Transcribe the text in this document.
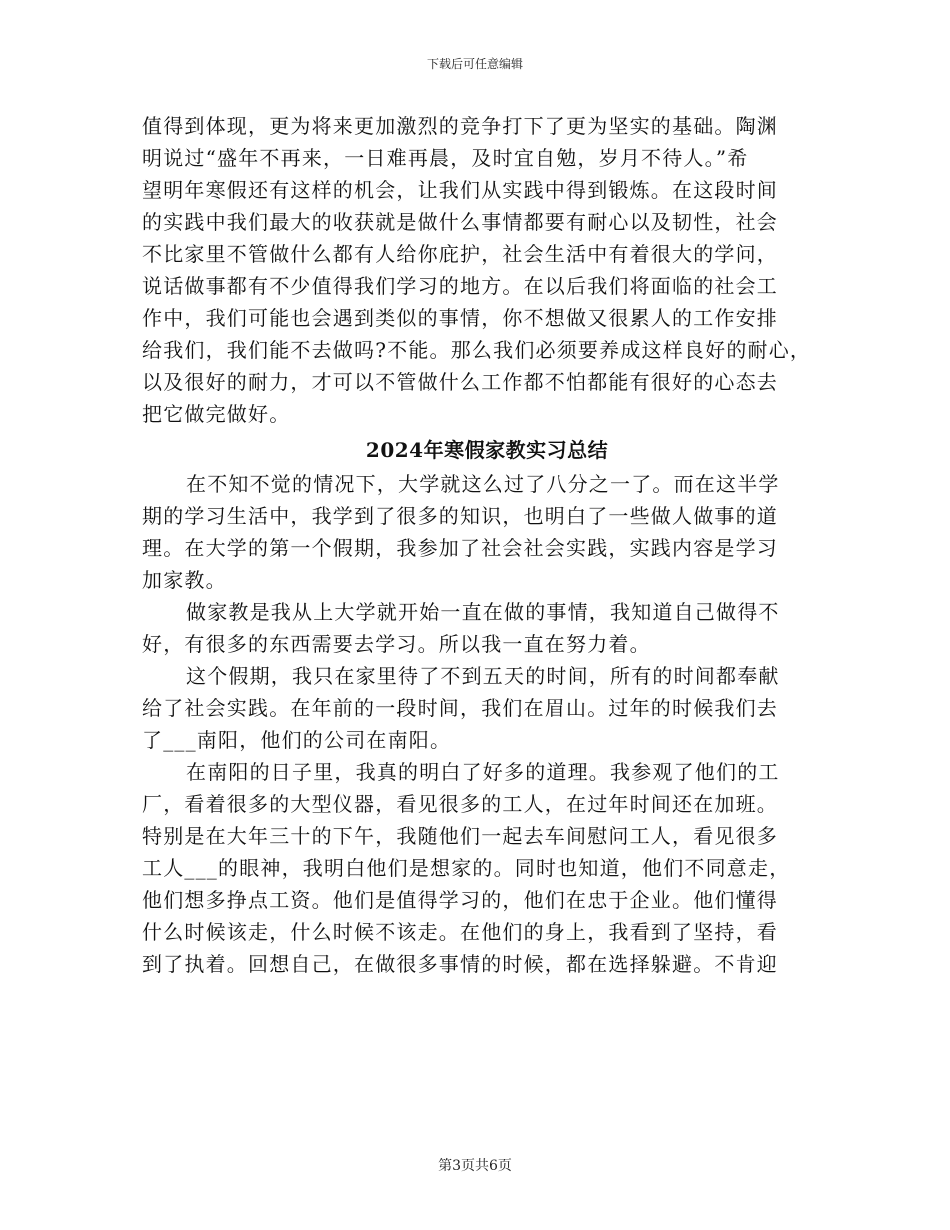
下载后可任意编辑
值得到体现，更为将来更加激烈的竞争打下了更为坚实的基础。陶渊
明说过“盛年不再来，一日难再晨，及时宜自勉，岁月不待人。”希
望明年寒假还有这样的机会，让我们从实践中得到锻炼。在这段时间
的实践中我们最大的收获就是做什么事情都要有耐心以及韧性，社会
不比家里不管做什么都有人给你庇护，社会生活中有着很大的学问，
说话做事都有不少值得我们学习的地方。在以后我们将面临的社会工
作中，我们可能也会遇到类似的事情，你不想做又很累人的工作安排
给我们，我们能不去做吗?不能。那么我们必须要养成这样良好的耐心，
以及很好的耐力，才可以不管做什么工作都不怕都能有很好的心态去
把它做完做好。
2024年寒假家教实习总结
在不知不觉的情况下，大学就这么过了八分之一了。而在这半学
期的学习生活中，我学到了很多的知识，也明白了一些做人做事的道
理。在大学的第一个假期，我参加了社会社会实践，实践内容是学习
加家教。
做家教是我从上大学就开始一直在做的事情，我知道自己做得不
好，有很多的东西需要去学习。所以我一直在努力着。
这个假期，我只在家里待了不到五天的时间，所有的时间都奉献
给了社会实践。在年前的一段时间，我们在眉山。过年的时候我们去
了___南阳，他们的公司在南阳。
在南阳的日子里，我真的明白了好多的道理。我参观了他们的工
厂，看着很多的大型仪器，看见很多的工人，在过年时间还在加班。
特别是在大年三十的下午，我随他们一起去车间慰问工人，看见很多
工人___的眼神，我明白他们是想家的。同时也知道，他们不同意走，
他们想多挣点工资。他们是值得学习的，他们在忠于企业。他们懂得
什么时候该走，什么时候不该走。在他们的身上，我看到了坚持，看
到了执着。回想自己，在做很多事情的时候，都在选择躲避。不肯迎
第3页共6页
